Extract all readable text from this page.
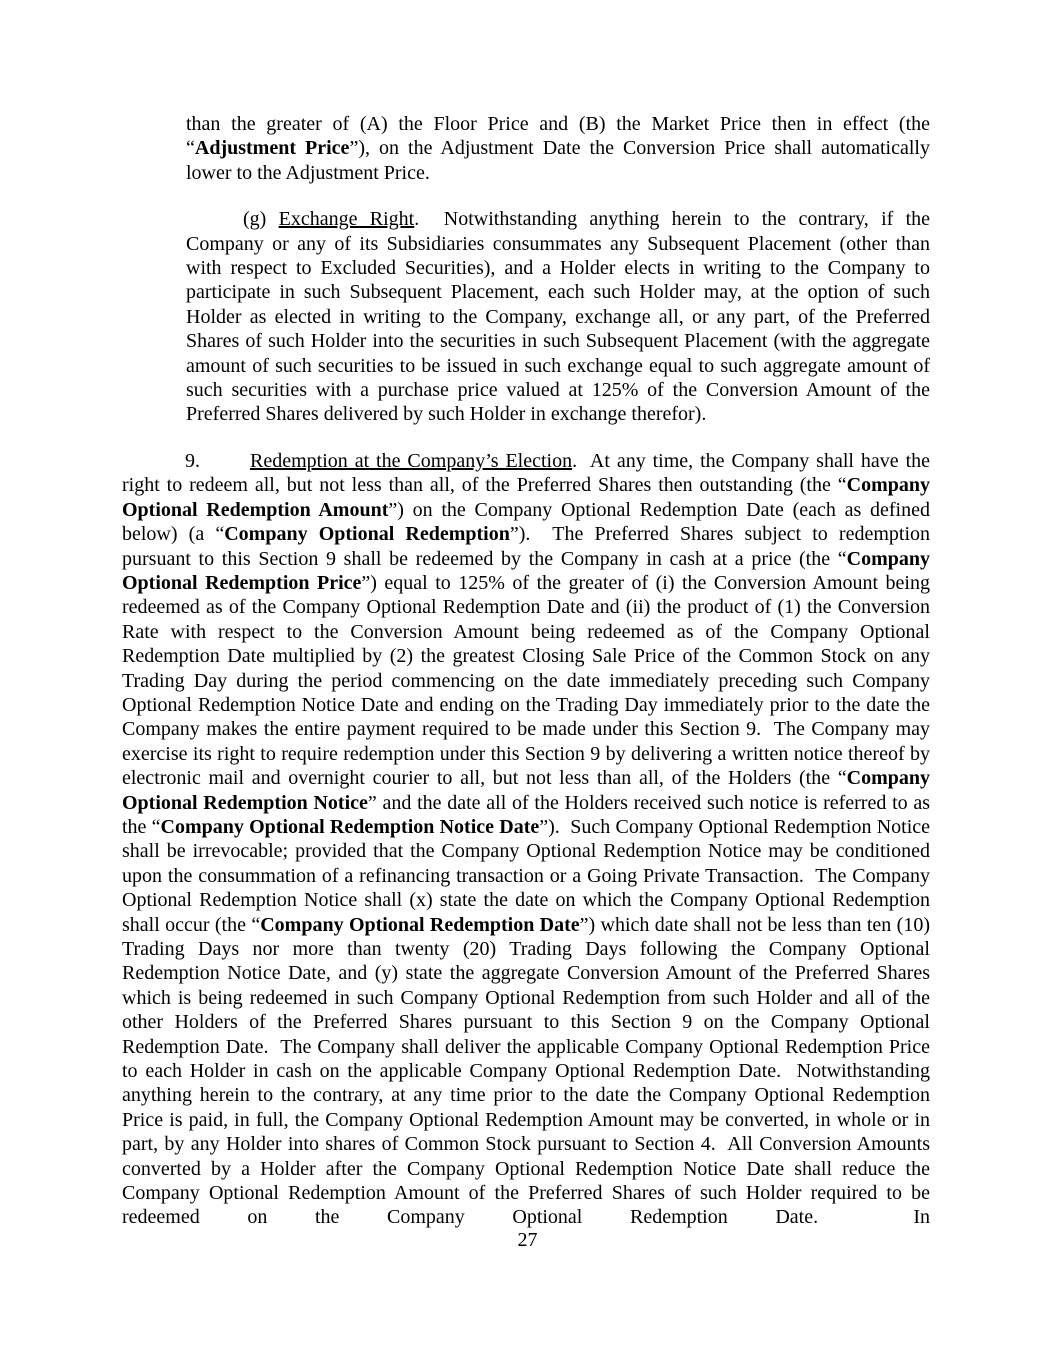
than the greater of (A) the Floor Price and (B) the Market Price then in effect (the “Adjustment Price”), on the Adjustment Date the Conversion Price shall automatically lower to the Adjustment Price.

(g) Exchange Right.  Notwithstanding anything herein to the contrary, if the Company or any of its Subsidiaries consummates any Subsequent Placement (other than with respect to Excluded Securities), and a Holder elects in writing to the Company to participate in such Subsequent Placement, each such Holder may, at the option of such Holder as elected in writing to the Company, exchange all, or any part, of the Preferred Shares of such Holder into the securities in such Subsequent Placement (with the aggregate amount of such securities to be issued in such exchange equal to such aggregate amount of such securities with a purchase price valued at 125% of the Conversion Amount of the Preferred Shares delivered by such Holder in exchange therefor).

9.	Redemption at the Company’s Election.  At any time, the Company shall have the right to redeem all, but not less than all, of the Preferred Shares then outstanding (the “Company Optional Redemption Amount”) on the Company Optional Redemption Date (each as defined below) (a “Company Optional Redemption”).  The Preferred Shares subject to redemption pursuant to this Section 9 shall be redeemed by the Company in cash at a price (the “Company Optional Redemption Price”) equal to 125% of the greater of (i) the Conversion Amount being redeemed as of the Company Optional Redemption Date and (ii) the product of (1) the Conversion Rate with respect to the Conversion Amount being redeemed as of the Company Optional Redemption Date multiplied by (2) the greatest Closing Sale Price of the Common Stock on any Trading Day during the period commencing on the date immediately preceding such Company Optional Redemption Notice Date and ending on the Trading Day immediately prior to the date the Company makes the entire payment required to be made under this Section 9.  The Company may exercise its right to require redemption under this Section 9 by delivering a written notice thereof by electronic mail and overnight courier to all, but not less than all, of the Holders (the “Company Optional Redemption Notice” and the date all of the Holders received such notice is referred to as the “Company Optional Redemption Notice Date”).  Such Company Optional Redemption Notice shall be irrevocable; provided that the Company Optional Redemption Notice may be conditioned upon the consummation of a refinancing transaction or a Going Private Transaction.  The Company Optional Redemption Notice shall (x) state the date on which the Company Optional Redemption shall occur (the “Company Optional Redemption Date”) which date shall not be less than ten (10) Trading Days nor more than twenty (20) Trading Days following the Company Optional Redemption Notice Date, and (y) state the aggregate Conversion Amount of the Preferred Shares which is being redeemed in such Company Optional Redemption from such Holder and all of the other Holders of the Preferred Shares pursuant to this Section 9 on the Company Optional Redemption Date.  The Company shall deliver the applicable Company Optional Redemption Price to each Holder in cash on the applicable Company Optional Redemption Date.  Notwithstanding anything herein to the contrary, at any time prior to the date the Company Optional Redemption Price is paid, in full, the Company Optional Redemption Amount may be converted, in whole or in part, by any Holder into shares of Common Stock pursuant to Section 4.  All Conversion Amounts converted by a Holder after the Company Optional Redemption Notice Date shall reduce the Company Optional Redemption Amount of the Preferred Shares of such Holder required to be redeemed on the Company Optional Redemption Date.  In

27
